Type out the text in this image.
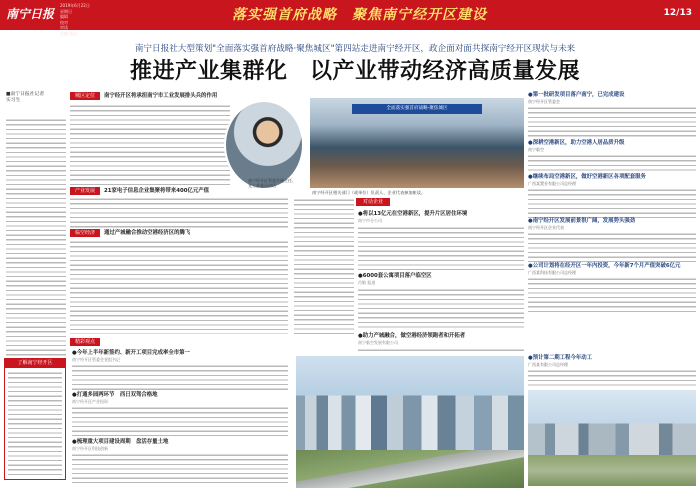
南宁日报
2019年6月22日
星期日
编辑
校对
审读
美编 版式
落实强首府战略　聚焦南宁经开区建设	12/13
南宁日报社大型策划"全面落实强首府战略·聚焦城区"第四站走进南宁经开区，政企面对面共探南宁经开区现状与未来
推进产业集群化　以产业带动经济高质量发展
■南宁日报社记者
实习生
了解南宁经开区
城区定位	南宁经开区将承担南宁市工业发展排头兵的作用
南宁经开区管委会副主任、党工委委员讲话
全面落实强首府战略·聚焦城区
南宁经开区相关部门（或单位）负责人、企业代表参加座谈。
产业发展	21家电子信息企业集聚将带来400亿元产值
临空经济	通过产城融合推动空港经济区的腾飞
精彩观点
●今年上半年新签约、新开工项目完成率全市第一
南宁经开区管委会党组书记
●打通多园两环节　西日双驾合格地
南宁经开区产业投资
●梳理重大项目建设周期　盘活存量土地
南宁经开区科技创新
对话企业
●将以13亿元在空港新区，提升片区居住环境
南宁市分公司
●6000套公寓项目落户临空区
肖敏 报道
●助力产城融合，做空港经济领跑者和开拓者
南宁临空发展有限公司
●第一批研发项目落户南宁，已完成建设
南宁经开区管委会
●深耕空港新区，助力空港人居品质升级
南宁临空
●继续布局空港新区，做好空港新区各项配套服务
广西某置业有限公司总经理
●南宁经开区发展前景很广阔，发展势头强劲
南宁经开区企业代表
●公司计划将在经开区一年内投资，今年新7个月产值突破6亿元
广西某科技有限公司总经理
●预计第二期工程今年动工
广西某有限公司总经理
